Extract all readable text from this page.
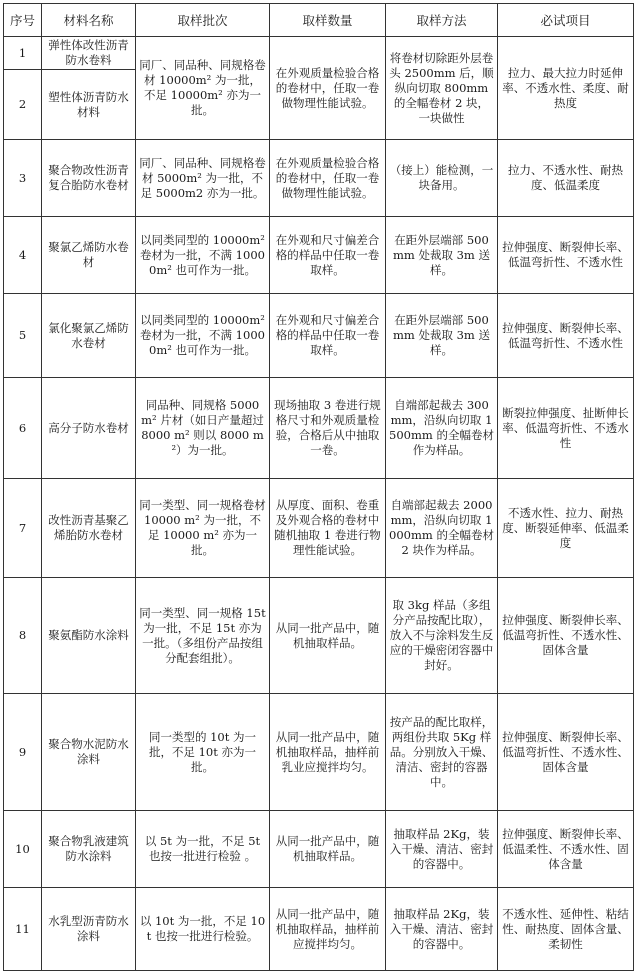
序号	材料名称	取样批次	取样数量	取样方法	必试项目
1	弹性体改性沥青防水卷料	同厂、同品种、同规格卷材 10000m² 为一批，不足 10000m² 亦为一批。	在外观质量检验合格的卷材中，任取一卷做物理性能试验。	将卷材切除距外层卷头 2500mm 后，顺纵向切取 800mm 的全幅卷材 2 块，一块做性	拉力、最大拉力时延伸率、不透水性、柔度、耐热度
2	塑性体沥青防水材料				
3	聚合物改性沥青复合胎防水卷材	同厂、同品种、同规格卷材 5000m² 为一批，不足 5000m2 亦为一批。	在外观质量检验合格的卷材中，任取一卷做物理性能试验。	（接上）能检测，一块备用。	拉力、不透水性、耐热度、低温柔度
4	聚氯乙烯防水卷材	以同类同型的 10000m² 卷材为一批，不满 10000m² 也可作为一批。	在外观和尺寸偏差合格的样品中任取一卷取样。	在距外层端部 500mm 处裁取 3m 送样。	拉伸强度、断裂伸长率、低温弯折性、不透水性
5	氯化聚氯乙烯防水卷材	以同类同型的 10000m² 卷材为一批，不满 10000m² 也可作为一批。	在外观和尺寸偏差合格的样品中任取一卷取样。	在距外层端部 500mm 处裁取 3m 送样。	拉伸强度、断裂伸长率、低温弯折性、不透水性
6	高分子防水卷材	同品种、同规格 5000 m² 片材（如日产量超过 8000 m² 则以 8000 m²）为一批。	现场抽取 3 卷进行规格尺寸和外观质量检验，合格后从中抽取一卷。	自端部起裁去 300mm，沿纵向切取 1500mm 的全幅卷材作为样品。	断裂拉伸强度、扯断伸长率、低温弯折性、不透水性
7	改性沥青基聚乙烯胎防水卷材	同一类型、同一规格卷材 10000 m² 为一批，不足 10000 m² 亦为一批。	从厚度、面积、卷重及外观合格的卷材中随机抽取 1 卷进行物理性能试验。	自端部起裁去 2000mm，沿纵向切取 1000mm 的全幅卷材 2 块作为样品。	不透水性、拉力、耐热度、断裂延伸率、低温柔度
8	聚氨酯防水涂料	同一类型、同一规格 15t 为一批，不足 15t 亦为一批。（多组份产品按组分配套组批）。	从同一批产品中，随机抽取样品。	取 3kg 样品（多组分产品按配比取），放入不与涂料发生反应的干燥密闭容器中封好。	拉伸强度、断裂伸长率、低温弯折性、不透水性、固体含量
9	聚合物水泥防水涂料	同一类型的 10t 为一批，不足 10t 亦为一批。	从同一批产品中，随机抽取样品，抽样前乳业应搅拌均匀。	按产品的配比取样，两组份共取 5Kg 样品。分别放入干燥、清洁、密封的容器中。	拉伸强度、断裂伸长率、低温弯折性、不透水性、固体含量
10	聚合物乳液建筑防水涂料	以 5t 为一批，不足 5t 也按一批进行检验 。	从同一批产品中，随机抽取样品。	抽取样品 2Kg，装入干燥、清洁、密封的容器中。	拉伸强度、断裂伸长率、低温柔性、不透水性、固体含量
11	水乳型沥青防水涂料	以 10t 为一批，不足 10t 也按一批进行检验。	从同一批产品中，随机抽取样品，抽样前应搅拌均匀。	抽取样品 2Kg，装入干燥、清洁、密封的容器中。	不透水性、延伸性、粘结性、耐热度、固体含量、柔韧性
